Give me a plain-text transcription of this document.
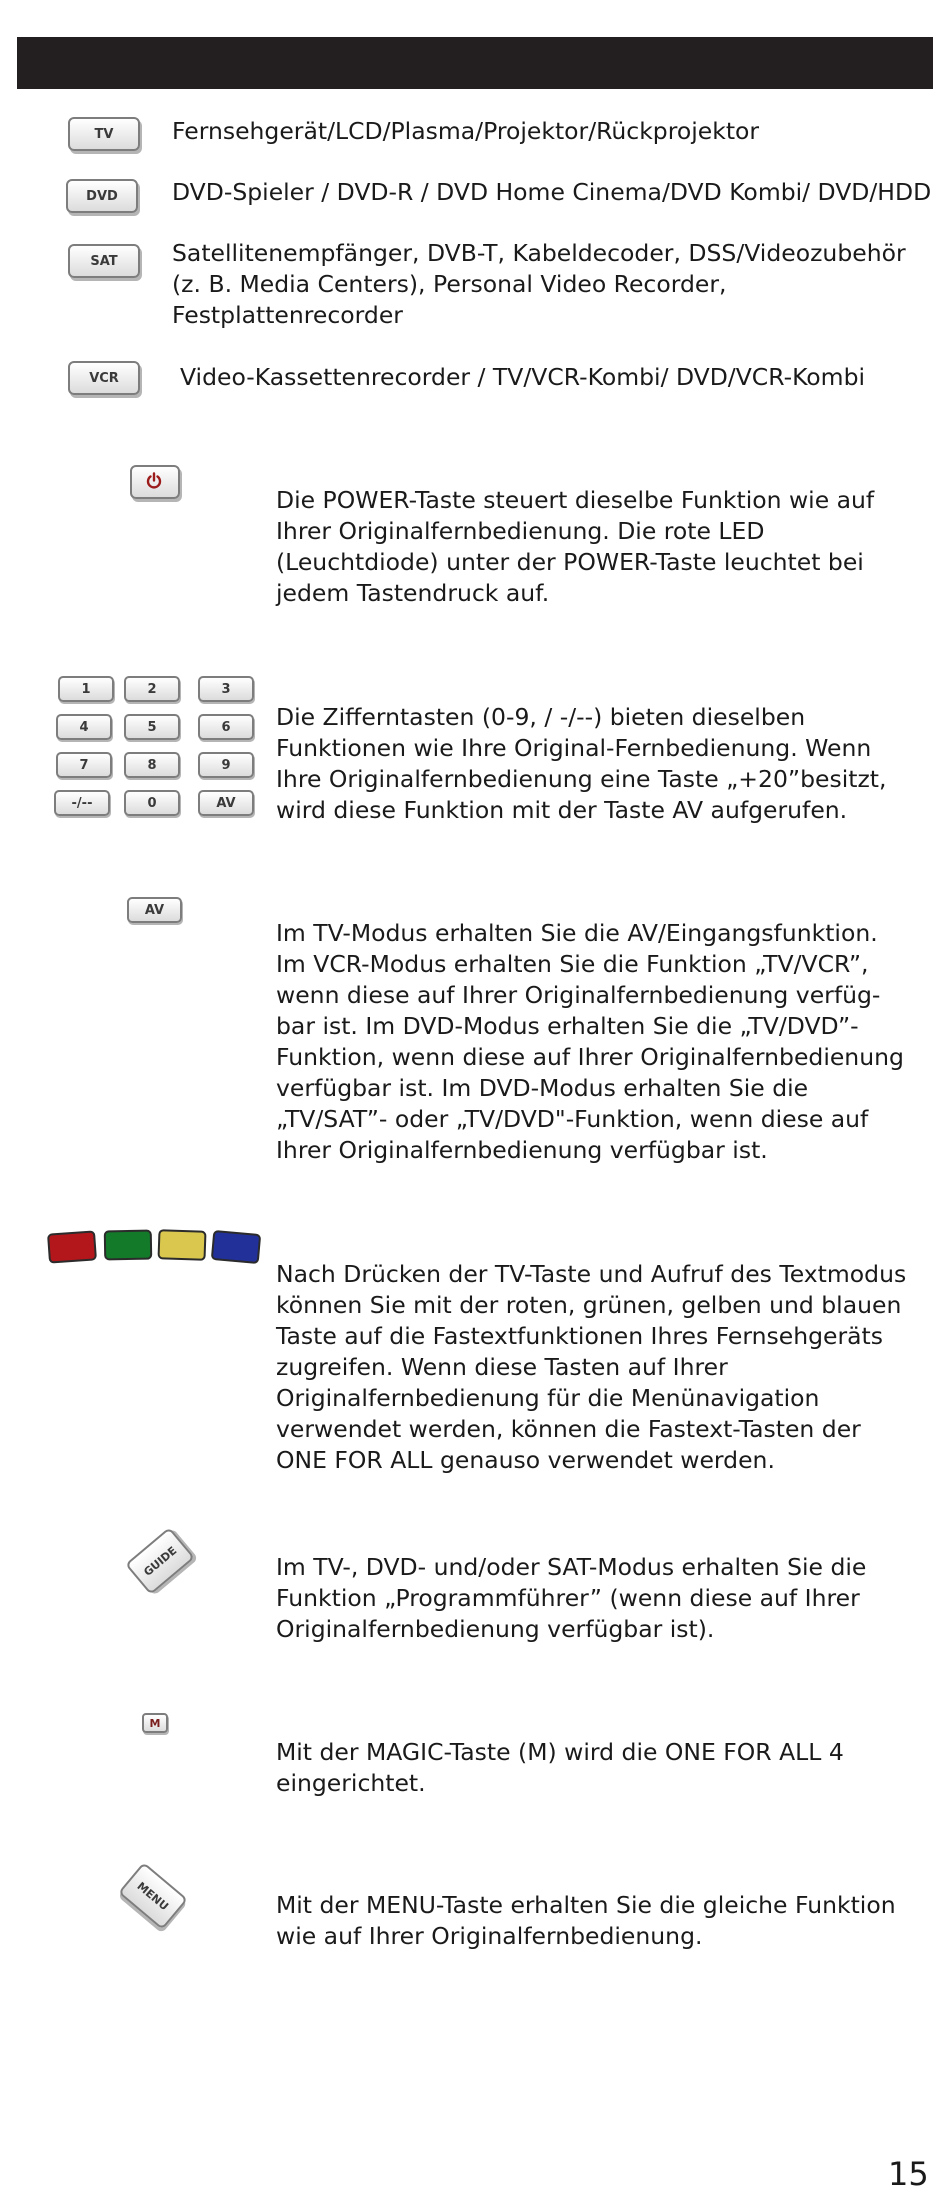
TV	Fernsehgerät/LCD/Plasma/Projektor/Rückprojektor

DVD	DVD-Spieler / DVD-R / DVD Home Cinema/DVD Kombi/ DVD/HDD

SAT	Satellitenempfänger, DVB-T, Kabeldecoder, DSS/Videozubehör
(z. B. Media Centers), Personal Video Recorder,
Festplattenrecorder

VCR	Video-Kassettenrecorder / TV/VCR-Kombi/ DVD/VCR-Kombi

Die POWER-Taste steuert dieselbe Funktion wie auf
Ihrer Originalfernbedienung. Die rote LED
(Leuchtdiode) unter der POWER-Taste leuchtet bei
jedem Tastendruck auf.

1	2	3
4	5	6
7	8	9
-/--	0	AV

Die Zifferntasten (0-9, / -/--) bieten dieselben
Funktionen wie Ihre Original-Fernbedienung. Wenn
Ihre Originalfernbedienung eine Taste „+20”besitzt,
wird diese Funktion mit der Taste AV aufgerufen.

AV

Im TV-Modus erhalten Sie die AV/Eingangsfunktion.
Im VCR-Modus erhalten Sie die Funktion „TV/VCR”,
wenn diese auf Ihrer Originalfernbedienung verfüg-
bar ist. Im DVD-Modus erhalten Sie die „TV/DVD”-
Funktion, wenn diese auf Ihrer Originalfernbedienung
verfügbar ist. Im DVD-Modus erhalten Sie die
„TV/SAT”- oder „TV/DVD"-Funktion, wenn diese auf
Ihrer Originalfernbedienung verfügbar ist.

Nach Drücken der TV-Taste und Aufruf des Textmodus
können Sie mit der roten, grünen, gelben und blauen
Taste auf die Fastextfunktionen Ihres Fernsehgeräts
zugreifen. Wenn diese Tasten auf Ihrer
Originalfernbedienung für die Menünavigation
verwendet werden, können die Fastext-Tasten der
ONE FOR ALL genauso verwendet werden.

GUIDE	Im TV-, DVD- und/oder SAT-Modus erhalten Sie die
Funktion „Programmführer” (wenn diese auf Ihrer
Originalfernbedienung verfügbar ist).

M

Mit der MAGIC-Taste (M) wird die ONE FOR ALL 4
eingerichtet.

MENU	Mit der MENU-Taste erhalten Sie die gleiche Funktion
wie auf Ihrer Originalfernbedienung.

15
